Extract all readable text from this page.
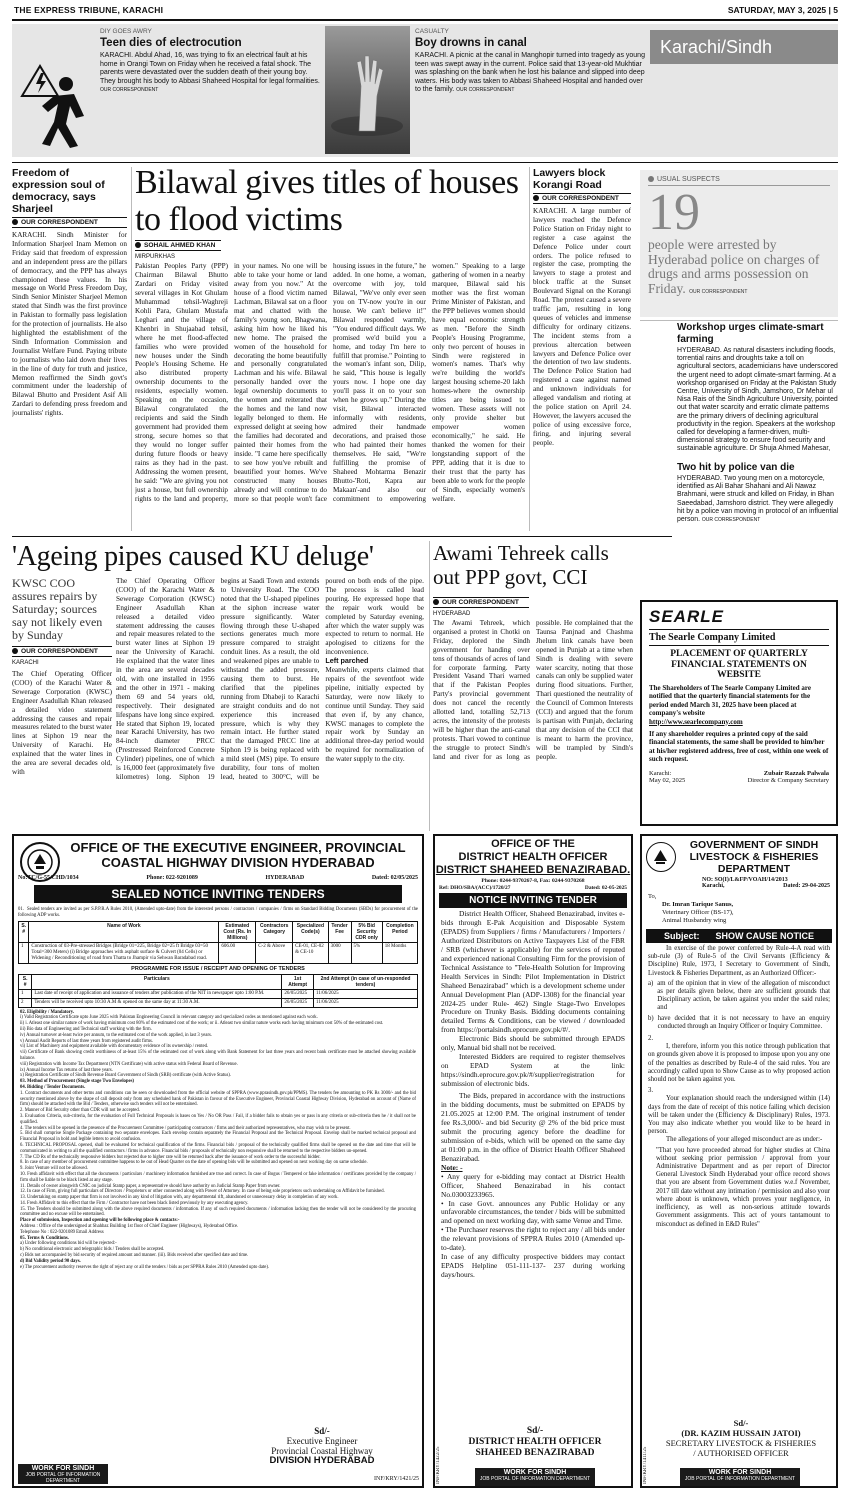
THE EXPRESS TRIBUNE, KARACHI	SATURDAY, MAY 3, 2025 | 5
DIY GOES AWRY
Teen dies of electrocution
KARACHI. Abdul Ahad, 16, was trying to fix an electrical fault at his home in Orangi Town on Friday when he received a fatal shock. The parents were devastated over the sudden death of their young boy. They brought his body to Abbasi Shaheed Hospital for legal formalities. OUR CORRESPONDENT
CASUALTY
Boy drowns in canal
KARACHI. A picnic at the canal in Manghopir turned into tragedy as young teen was swept away in the current. Police said that 13-year-old Mukhtiar was splashing on the bank when he lost his balance and slipped into deep waters. His body was taken to Abbasi Shaheed Hospital and handed over to the family. OUR CORRESPONDENT
Karachi/Sindh
Freedom of expression soul of democracy, says Sharjeel
OUR CORRESPONDENT
KARACHI. Sindh Minister for Information Sharjeel Inam Memon on Friday said that freedom of expression and an independent press are the pillars of democracy, and the PPP has always championed these values. In his message on World Press Freedom Day, Sindh Senior Minister Sharjeel Memon stated that Sindh was the first province in Pakistan to formally pass legislation for the protection of journalists. He also highlighted the establishment of the Sindh Information Commission and Journalist Welfare Fund. Paying tribute to journalists who laid down their lives in the line of duty for truth and justice, Memon reaffirmed the Sindh govt's commitment under the leadership of Bilawal Bhutto and President Asif Ali Zardari to defending press freedom and journalists' rights.
Bilawal gives titles of houses to flood victims
SOHAIL AHMED KHAN
MIRPURKHAS
Pakistan Peoples Party (PPP) Chairman Bilawal Bhutto Zardari on Friday visited several villages in Kot Ghulam Muhammad tehsil-Waghreji Kohli Para, Ghulam Mustafa Leghari and the village of Khenbri in Shujaabad tehsil, where he met flood-affected families who were provided new houses under the Sindh People's Housing Scheme. He also distributed property ownership documents to the residents, especially women. Speaking on the occasion, Bilawal congratulated the recipients and said the Sindh government had provided them strong, secure homes so that they would no longer suffer during future floods or heavy rains as they had in the past. Addressing the women present, he said: "We are giving you not just a house, but full ownership rights to the land and property, in your names. No one will be able to take your home or land away from you now." At the house of a flood victim named Lachman, Bilawal sat on a floor mat and chatted with the family's young son, Bhagwana, asking him how he liked his new home. The praised the women of the household for decorating the home beautifully and personally congratulated Lachman and his wife. Bilawal personally handed over the legal ownership documents to the women and reiterated that the homes and the land now legally belonged to them. He expressed delight at seeing how the families had decorated and painted their homes from the inside. "I came here specifically to see how you've rebuilt and beautified your homes. We've constructed many houses already and will continue to do more so that people won't face housing issues in the future," he added. In one home, a woman, overcome with joy, told Bilawal, "We've only ever seen you on TV-now you're in our house. We can't believe it!" Bilawal responded warmly, "You endured difficult days. We promised we'd build you a home, and today I'm here to fulfill that promise." Pointing to the woman's infant son, Dilip, he said, "This house is legally yours now. I hope one day you'll pass it on to your son when he grows up." During the visit, Bilawal interacted informally with residents, admired their handmade decorations, and praised those who had painted their homes themselves. He said, "We're fulfilling the promise of Shaheed Mohtarma Benazir Bhutto-'Roti, Kapra aur Makaan'-and also our commitment to empowering women." Speaking to a large gathering of women in a nearby marquee, Bilawal said his mother was the first woman Prime Minister of Pakistan, and the PPP believes women should have equal economic strength as men. "Before the Sindh People's Housing Programme, only two percent of houses in Sindh were registered in women's names. That's why we're building the world's largest housing scheme-20 lakh homes-where the ownership titles are being issued to women. These assets will not only provide shelter but empower women economically," he said. He thanked the women for their longstanding support of the PPP, adding that it is due to their trust that the party has been able to work for the people of Sindh, especially women's welfare.
Lawyers block Korangi Road
OUR CORRESPONDENT
KARACHI. A large number of lawyers reached the Defence Police Station on Friday night to register a case against the Defence Police under court orders. The police refused to register the case, prompting the lawyers to stage a protest and block traffic at the Sunset Boulevard Signal on the Korangi Road. The protest caused a severe traffic jam, resulting in long queues of vehicles and immense difficulty for ordinary citizens. The incident stems from a previous altercation between lawyers and Defence Police over the detention of two law students. The Defence Police Station had registered a case against named and unknown individuals for alleged vandalism and rioting at the police station on April 24. However, the lawyers accused the police of using excessive force, firing, and injuring several people.
USUAL SUSPECTS
19
people were arrested by Hyderabad police on charges of drugs and arms possession on Friday. OUR CORRESPONDENT
Workshop urges climate-smart farming
HYDERABAD. As natural disasters including floods, torrential rains and droughts take a toll on agricultural sectors, academicians have underscored the urgent need to adopt climate-smart farming. At a workshop organised on Friday at the Pakistan Study Centre, University of Sindh, Jamshoro, Dr Mehar ul Nisa Rais of the Sindh Agriculture University, pointed out that water scarcity and erratic climate patterns are the primary drivers of declining agricultural productivity in the region. Speakers at the workshop called for developing a farmer-driven, multi-dimensional strategy to ensure food security and sustainable agriculture. Dr Shuja Ahmed Mahesar,
Two hit by police van die
HYDERABAD. Two young men on a motorcycle, identified as Ali Bahar Shahani and Ali Nawaz Brahmani, were struck and killed on Friday, in Bhan Saeedabad, Jamshoro district. They were allegedly hit by a police van moving in protocol of an influential person. OUR CORRESPONDENT
'Ageing pipes caused KU deluge'
KWSC COO assures repairs by Saturday; sources say not likely even by Sunday
OUR CORRESPONDENT
KARACHI
The Chief Operating Officer (COO) of the Karachi Water & Sewerage Corporation (KWSC) Engineer Asadullah Khan released a detailed video statement addressing the causes and repair measures related to the burst water lines at Siphon 19 near the University of Karachi. He explained that the water lines in the area are several decades old, with
The Chief Operating Officer (COO) of the Karachi Water & Sewerage Corporation (KWSC) Engineer Asadullah Khan released a detailed video statement addressing the causes and repair measures related to the burst water lines at Siphon 19 near the University of Karachi. He explained that the water lines in the area are several decades old, with one installed in 1956 and the other in 1971 - making them 69 and 54 years old, respectively. Their designated lifespans have long since expired. He stated that Siphon 19, located near Karachi University, has two 84-inch diameter PRCC (Prestressed Reinforced Concrete Cylinder) pipelines, one of which is 16,000 feet (approximately five kilometres) long. Siphon 19 begins at Saadi Town and extends to University Road. The COO noted that the U-shaped pipelines at the siphon increase water pressure significantly. Water flowing through these U-shaped sections generates much more pressure compared to straight conduit lines. As a result, the old and weakened pipes are unable to withstand the added pressure, causing them to burst. He clarified that the pipelines running from Dhabeji to Karachi are straight conduits and do not experience this increased pressure, which is why they remain intact. He further stated that the damaged PRCC line at Siphon 19 is being replaced with a mild steel (MS) pipe. To ensure durability, four tons of molten lead, heated to 300°C, will be poured on both ends of the pipe. The process is called lead pouring. He expressed hope that the repair work would be completed by Saturday evening, after which the water supply was expected to return to normal. He apologised to citizens for the inconvenience.
Left parched
Meanwhile, experts claimed that repairs of the seventfoot wide pipeline, initially expected by Saturday, were now likely to continue until Sunday. They said that even if, by any chance, KWSC manages to complete the repair work by Sunday an additional three-day period would be required for normalization of the water supply to the city.
Awami Tehreek calls out PPP govt, CCI
OUR CORRESPONDENT
HYDERABAD
The Awami Tehreek, which organised a protest in Chotki on Friday, deplored the Sindh government for handing over tens of thousands of acres of land for corporate farming. Party President Vasand Thari warned that if the Pakistan Peoples Party's provincial government does not cancel the recently allotted land, totalling 52,713 acres, the intensity of the protests will be higher than the anti-canal protests. Thari vowed to continue the struggle to protect Sindh's land and river for as long as possible. He complained that the Taunsa Panjnad and Chashma Jhelum link canals have been opened in Punjab at a time when Sindh is dealing with severe water scarcity, noting that those canals can only be supplied water during flood situations. Further, Thari questioned the neutrality of the Council of Common Interests (CCI) and argued that the forum is partisan with Punjab, declaring that any decision of the CCI that is meant to harm the province, will be trampled by Sindh's people.
SEARLE
The Searle Company Limited
PLACEMENT OF QUARTERLY FINANCIAL STATEMENTS ON WEBSITE
The Shareholders of The Searle Company Limited are notified that the quarterly financial statements for the period ended March 31, 2025 have been placed at company's website
http://www.searlecompany.com
If any shareholder requires a printed copy of the said financial statements, the same shall be provided to him/her at his/her registered address, free of cost, within one week of such request.
Karachi:
May 02, 2025
Zubair Razzak Palwala
Director & Company Secretary
OFFICE OF THE EXECUTIVE ENGINEER, PROVINCIAL
COASTAL HIGHWAY DIVISION HYDERABAD
No:TC/G-55/CHD/1034	Phone: 022-9201089	HYDERABAD	Dated: 02/05/2025
SEALED NOTICE INVITING TENDERS
01.  Sealed tenders are invited as per S.P.P.R.A Rules 2010, (Amended upto-date) from the interested persons / contractors / companies / firms on Standard Bidding Documents (SBDs) for procurement of the following ADP works.
S. #	Name of Work	Estimated Cost (Rs. In Millions)	Contractors Category	Specialized Code(s)	Tender Fee	5% Bid Security CDR only	Completion Period
1	Construction of 03-Pre-stressed Bridges (Bridge 01=225, Bridge 02=25 ft Bridge 03=50 Total=300 Meters) (i) Bridge approaches with asphalt surface & Culvert (04 Cells) or Widening / Reconditioning of road from Thatta to Jhampir via Sehwan Baradabad road.	606.00	C-2 & Above	CE-01, CE-02 & CE-10	3000	5%	18 Months
PROGRAMME FOR ISSUE / RECEIPT AND OPENING OF TENDERS
S. #	Particulars	1st Attempt	2nd Attempt (in case of un-responded tenders)
1	Last date of receipt of application and issuance of tenders after publication of the NIT in newspaper upto 1:00 P.M.	26/05/2025	11/06/2025
2	Tenders will be received upto 10:30 A.M & opened on the same day at 11:30 A.M.	26/05/2025	11/06/2025
02. Eligibility / Mandatory.
i) Valid Registration Certificate upto June 2025 with Pakistan Engineering Council in relevant category and specialized codes as mentioned against each work.
ii) i. Atleast one similar nature of work having minimum cost 80% of the estimated cost of the work; or ii. Atleast two similar nature works each having minimum cost 50% of the estimated cost.
iii) Bio data of Engineering and Technical staff working with the firm.
iv) Annual turnover at-least twice per annum, to the estimated cost of the work applied, in last 3 years.
v) Annual Audit Reports of last three years from registered audit firms.
vi) List of Machinery and equipment available with documentary evidence of its ownership / rented.
vii) Certificate of Bank showing credit worthiness of at-least 15% of the estimated cost of work along with Bank Statement for last three years and recent bank certificate must be attached showing available balance.
viii) Registration with Income Tax Department (NTN Certificate) with active status with Federal Board of Revenue.
ix) Annual Income Tax returns of last three years.
x) Registration Certificate of Sindh Revenue Board Government of Sindh (SRB) certificate (with Active Status).
03. Method of Procurement (Single stage Two Envelopes)
04. Bidding / Tender Documents.
1. Contract documents and other terms and conditions can be seen or downloaded from the official website of SPPRA (www.pprasindh.gov.pk/PPMS). The tenders fee amounting to PK Rs 3000/- and the bid security mentioned above by the shape of call deposit only from any scheduled bank of Pakistan in favour of the Executive Engineer, Provincial Coastal Highway Division, Hyderabad on account of (Name of firm) should be attached with the Bid / Tenders, otherwise such tenders will not be entertained.
2. Manner of Bid Security other than CDR will not be accepted.
3. Evaluation Criteria, sub-criteria, for the evaluation of Full Technical Proposals is bases on Yes / No OR Pass / Fail, if a bidder fails to obtain yes or pass in any criteria or sub-criteria then he / it shall not be qualified.
4. The tenders will be opened in the presence of the Procurement Committee / participating contractors / firms and their authorized representatives, who may wish to be present.
5. Bid shall comprise Single Package containing two separate envelopes. Each envelop contain separately the Financial Proposal and the Technical Proposal. Envelop shall be marked technical proposal and Financial Proposal in bold and legible letters to avoid confusion.
6. TECHNICAL PROPOSAL opened, shall be evaluated for technical qualification of the firms. Financial bids / proposal of the technically qualified firms shall be opened on the date and time that will be communicated in writing to all the qualified contractors / firms in advance. Financial bids / proposals of technically non responsive shall be returned to the respective bidders un-opened.
7. The CD Rs of the technically responsive bidders but rejected due to higher rate will be returned back after the issuance of work order to the successful bidder.
8. In case of any member of procurement committee happens to be out of Head Quarter on the date of opening bids will be submitted and opened on next working day on same schedule.
9. Joint Venture will not be allowed.
10. Fresh affidavit with effect that all the documents / particulars / machinery information furnished are true and correct. In case of Bogus / Tempered or fake information / certificates provided by the company / firm shall be liable to be black listed at any stage.
11. Details of owner alongwith CNIC on judicial Stamp paper, a representative should have authority on Judicial Stamp Paper from owner.
12. In case of Firm, giving full particulars of Directors / Proprietors or other connected along with Power of Attorney. In case of being sole proprietors such undertaking on Affidavit be furnished.
13. Undertaking on stamp paper that firm is not involved in any kind of litigation with, any departmental rift, abandoned or unnecessary delay in completion of any work.
14. Fresh Affidavit to this effect that the Firm / Contractor have not been black listed previously by any executing agency.
15. The Tenders should be submitted along with the above required documents / information. If any of such required documents / information lacking then the tender will not be considered by the procuring committee and no excuse will be entertained.
Place of submission, Inspection and opening will be following place & contacts:-
Address : Office of the undersigned at Shahbaz Building 1st floor of Chief Engineer (Highways), Hyderabad Office.
Telephone No : 022-9201089 Email Address
05. Terms & Conditions.
a) Under following conditions bid will be rejected:-
b) No conditional electronic and telegraphic bids / Tenders shall be accepted.
c) Bids not accompanied by bid security of required amount and manner. (iii). Bids received after specified date and time.
d) Bid Validity period 90 days.
e) The procurement authority reserves the right of reject any or all the tenders / bids as per SPPRA Rules 2010 (Amended upto date).
Sd/-
Executive Engineer
Provincial Coastal Highway
DIVISION HYDERABAD
WORK FOR SINDH
JOB PORTAL OF INFORMATION DEPARTMENT	INF/KRY/1421/25
OFFICE OF THE
DISTRICT HEALTH OFFICER
DISTRICT SHAHEED BENAZIRABAD.
Phone: 0244-9370267-8, Fax: 0244-9370268
Ref: DHO/SBA/(ACC)/1720/27	Dated: 02-05-2025
NOTICE INVITING TENDER

District Health Officer, Shaheed Benazirabad, invites e-bids through E-Pak Acquisition and Disposable System (EPADS) from Suppliers / firms / Manufacturers / Importers / Authorized Distributors on Active Taxpayers List of the FBR / SRB (whichever is applicable) for the services of reputed and experienced national Consulting Firm for the provision of Technical Assistance to "Tele-Health Solution for Improving Health Services in Sindh: Pilot Implementation in District Shaheed Benazirabad" which is a development scheme under Annual Development Plan (ADP-1308) for the financial year 2024-25 under Rule- 462) Single Stage-Two Envelopes Procedure on Trunky Basis. Bidding documents containing detailed Terms & Conditions, can be viewed / downloaded from https://portalsindh.eprocure.gov.pk/#/.

Electronic Bids should be submitted through EPADS only, Manual bid shall not be received.

Interested Bidders are required to register themselves on EPAD System at the link: https://sindh.eprocure.gov.pk/#/supplier/registration for submission of electronic bids.

The Bids, prepared in accordance with the instructions in the bidding documents, must be submitted on EPADS by 21.05.2025 at 12:00 P.M. The original instrument of tender fee Rs.3,000/- and bid Security @ 2% of the bid price must submit the procuring agency before the deadline for submission of e-bids, which will be opened on the same day at 01:00 p.m. in the office of District Health Officer Shaheed Benazirabad.

Note: -

• Any query for e-bidding may contact at District Health Officer, Shaheed Benazirabad in his contact No.03003233965.
• In case Govt. announces any Public Holiday or any unfavorable circumstances, the tender / bids will be submitted and opened on next working day, with same Venue and Time.
• The Purchaser reserves the right to reject any / all bids under the relevant provisions of SPPRA Rules 2010 (Amended up-to-date).

In case of any difficulty prospective bidders may contact EPADS Helpline 051-111-137- 237 during working days/hours.

Sd/-
DISTRICT HEALTH OFFICER
SHAHEED BENAZIRABAD
WORK FOR SINDH
JOB PORTAL OF INFORMATION DEPARTMENT
INF/KRY/1422/25
GOVERNMENT OF SINDH
LIVESTOCK & FISHERIES
DEPARTMENT
NO: SO(I)/L&FP/VOAH/14/2013
Karachi,	Dated: 29-04-2025
To,
Dr. Imran Tarique Sanus,
Veterinary Officer (BS-17),
Animal Husbandry wing
Subject: SHOW CAUSE NOTICE

In exercise of the power conferred by Rule-4-A read with sub-rule (3) of Rule-5 of the Civil Servants (Efficiency & Discipline) Rule, 1973, I Secretary to Government of Sindh, Livestock & Fisheries Department, as an Authorized Officer:-

a) am of the opinion that in view of the allegation of misconduct as per details given below, there are sufficient grounds that Disciplinary action, be taken against you under the said rules; and
b) have decided that it is not necessary to have an enquiry conducted through an Inquiry Officer or Inquiry Committee.

2.

I, therefore, inform you this notice through publication that on grounds given above it is proposed to impose upon you any one of the penalties as described by Rule-4 of the said rules. You are accordingly called upon to Show Cause as to why proposed action should not be taken against you.

3.

Your explanation should reach the undersigned within (14) days from the date of receipt of this notice failing which decision will be taken under the (Efficiency & Disciplinary) Rules, 1973. You may also indicate whether you would like to be heard in person.

The allegations of your alleged misconduct are as under:-

"That you have proceeded abroad for higher studies at China without seeking prior permission / approval from your Administrative Department and as per report of Director General Livestock Sindh Hyderabad your office record shows that you are absent from Government duties w.e.f November, 2017 till date without any intimation / permission and also your where about is unknown, which proves your negligence, in inefficiency, as well as non-serious attitude towards Government assignments. This act of yours tantamount to misconduct as defined in E&D Rules"

Sd/-
(DR. KAZIM HUSSAIN JATOI)
SECRETARY LIVESTOCK & FISHERIES
/ AUTHORISED OFFICER
WORK FOR SINDH
JOB PORTAL OF INFORMATION DEPARTMENT
INF/KRY/1411/25
